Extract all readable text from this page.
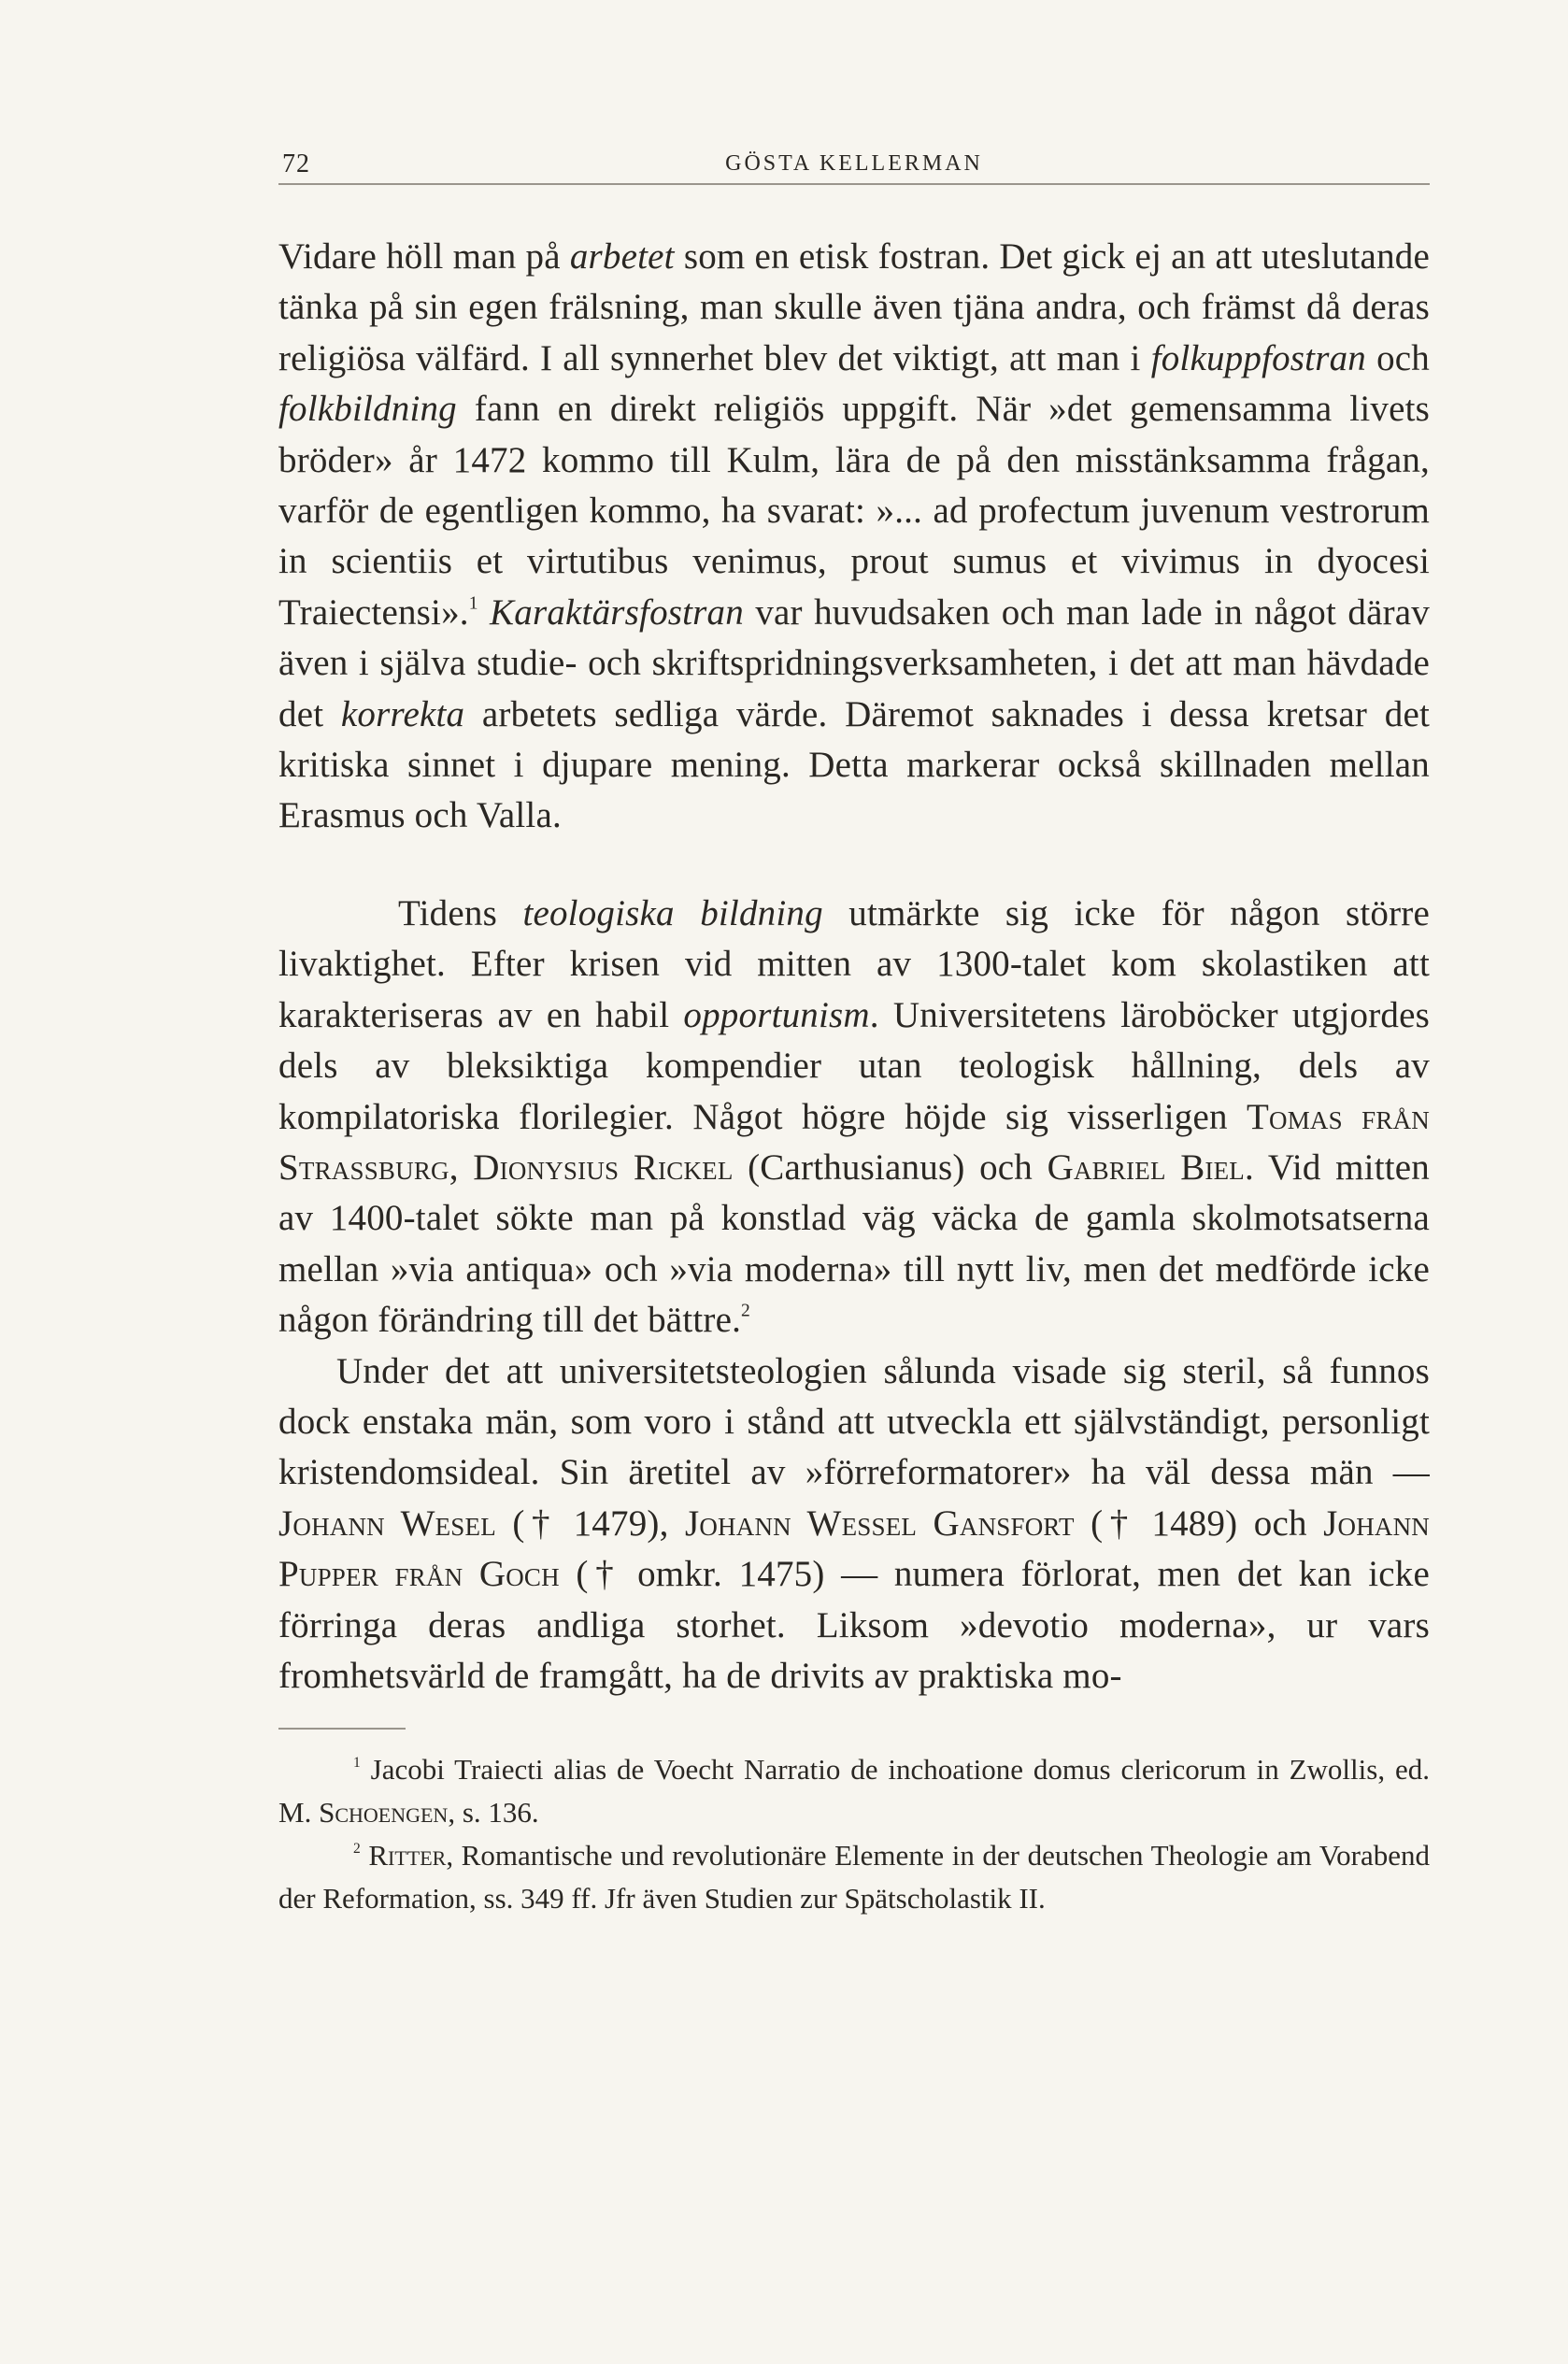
72	GÖSTA KELLERMAN

Vidare höll man på arbetet som en etisk fostran. Det gick ej an att uteslutande tänka på sin egen frälsning, man skulle även tjäna andra, och främst då deras religiösa välfärd. I all synnerhet blev det viktigt, att man i folkuppfostran och folkbildning fann en direkt religiös uppgift. När »det gemensamma livets bröder» år 1472 kommo till Kulm, lära de på den misstänksamma frågan, varför de egentligen kommo, ha svarat: »... ad profectum juvenum vestrorum in scientiis et virtutibus venimus, prout sumus et vivimus in dyocesi Traiectensi».$^1$ Karaktärsfostran var huvudsaken och man lade in något därav även i själva studie- och skriftspridningsverksamheten, i det att man hävdade det korrekta arbetets sedliga värde. Däremot saknades i dessa kretsar det kritiska sinnet i djupare mening. Detta markerar också skillnaden mellan Erasmus och Valla.

Tidens teologiska bildning utmärkte sig icke för någon större livaktighet. Efter krisen vid mitten av 1300-talet kom skolastiken att karakteriseras av en habil opportunism. Universitetens läroböcker utgjordes dels av bleksiktiga kompendier utan teologisk hållning, dels av kompilatoriska florilegier. Något högre höjde sig visserligen Tomas från Strassburg, Dionysius Rickel (Carthusianus) och Gabriel Biel. Vid mitten av 1400-talet sökte man på konstlad väg väcka de gamla skolmotsatserna mellan »via antiqua» och »via moderna» till nytt liv, men det medförde icke någon förändring till det bättre.$^2$

Under det att universitetsteologien sålunda visade sig steril, så funnos dock enstaka män, som voro i stånd att utveckla ett självständigt, personligt kristendomsideal. Sin äretitel av »förreformatorer» ha väl dessa män — Johann Wesel († 1479), Johann Wessel Gansfort († 1489) och Johann Pupper från Goch († omkr. 1475) — numera förlorat, men det kan icke förringa deras andliga storhet. Liksom »devotio moderna», ur vars fromhetsvärld de framgått, ha de drivits av praktiska mo-

$^1$ Jacobi Traiecti alias de Voecht Narratio de inchoatione domus clericorum in Zwollis, ed. M. Schoengen, s. 136.

$^2$ Ritter, Romantische und revolutionäre Elemente in der deutschen Theologie am Vorabend der Reformation, ss. 349 ff. Jfr även Studien zur Spätscholastik II.
